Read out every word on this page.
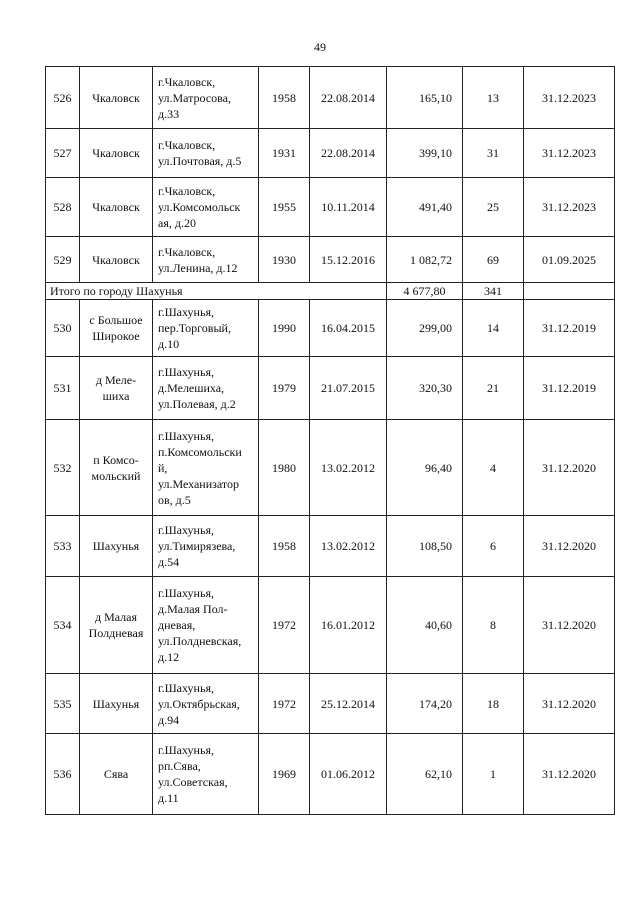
49
526	Чкаловск	г.Чкаловск,
ул.Матросова,
д.33	1958	22.08.2014	165,10	13	31.12.2023
527	Чкаловск	г.Чкаловск,
ул.Почтовая, д.5	1931	22.08.2014	399,10	31	31.12.2023
528	Чкаловск	г.Чкаловск,
ул.Комсомольск
ая, д.20	1955	10.11.2014	491,40	25	31.12.2023
529	Чкаловск	г.Чкаловск,
ул.Ленина, д.12	1930	15.12.2016	1 082,72	69	01.09.2025
Итого по городу Шахунья					4 677,80	341	
530	с Большое
Широкое	г.Шахунья,
пер.Торговый,
д.10	1990	16.04.2015	299,00	14	31.12.2019
531	д Меле-
шиха	г.Шахунья,
д.Мелешиха,
ул.Полевая, д.2	1979	21.07.2015	320,30	21	31.12.2019
532	п Комсо-
мольский	г.Шахунья,
п.Комсомольски
й,
ул.Механизатор
ов, д.5	1980	13.02.2012	96,40	4	31.12.2020
533	Шахунья	г.Шахунья,
ул.Тимирязева,
д.54	1958	13.02.2012	108,50	6	31.12.2020
534	д Малая
Полдневая	г.Шахунья,
д.Малая Пол-
дневая,
ул.Полдневская,
д.12	1972	16.01.2012	40,60	8	31.12.2020
535	Шахунья	г.Шахунья,
ул.Октябрьская,
д.94	1972	25.12.2014	174,20	18	31.12.2020
536	Сява	г.Шахунья,
рп.Сява,
ул.Советская,
д.11	1969	01.06.2012	62,10	1	31.12.2020
